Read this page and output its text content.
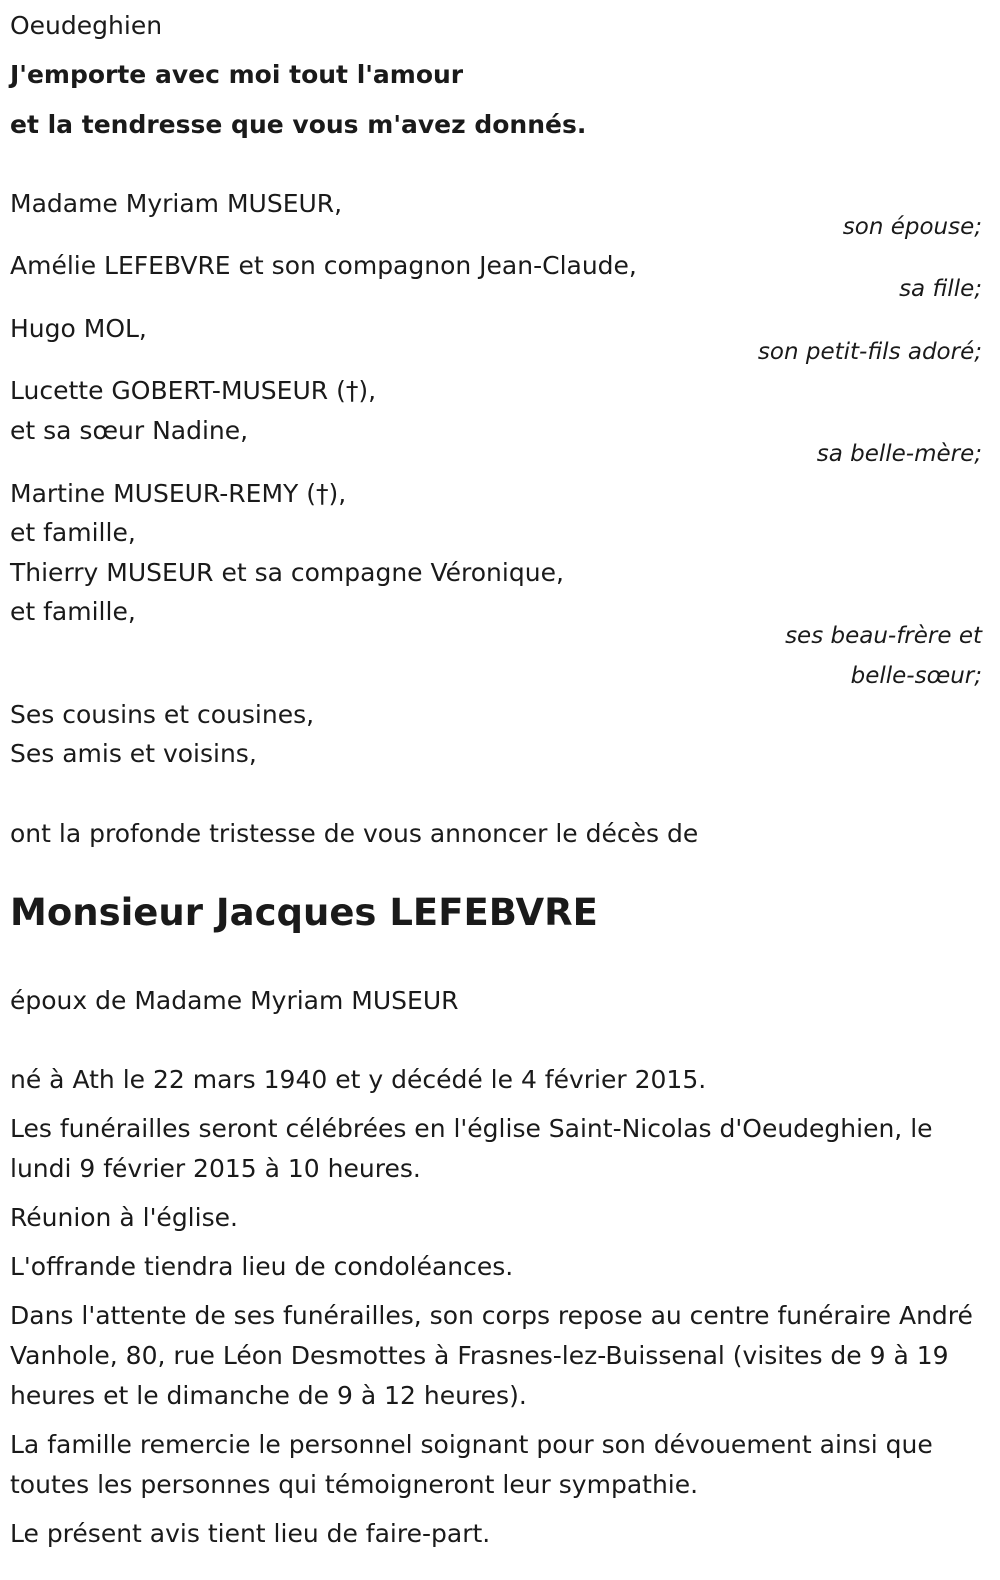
Oeudeghien

J'emporte avec moi tout l'amour

et la tendresse que vous m'avez donnés.

Madame Myriam MUSEUR,

son épouse;

Amélie LEFEBVRE et son compagnon Jean-Claude,

sa fille;

Hugo MOL,

son petit-fils adoré;

Lucette GOBERT-MUSEUR (†),

et sa sœur Nadine,

sa belle-mère;

Martine MUSEUR-REMY (†),

et famille,

Thierry MUSEUR et sa compagne Véronique,

et famille,

ses beau-frère et

belle-sœur;

Ses cousins et cousines,

Ses amis et voisins,

ont la profonde tristesse de vous annoncer le décès de

Monsieur Jacques LEFEBVRE

époux de Madame Myriam MUSEUR

né à Ath le 22 mars 1940 et y décédé le 4 février 2015.

Les funérailles seront célébrées en l'église Saint-Nicolas d'Oeudeghien, le lundi 9 février 2015 à 10 heures.

Réunion à l'église.

L'offrande tiendra lieu de condoléances.

Dans l'attente de ses funérailles, son corps repose au centre funéraire André Vanhole, 80, rue Léon Desmottes à Frasnes-lez-Buissenal (visites de 9 à 19 heures et le dimanche de 9 à 12 heures).

La famille remercie le personnel soignant pour son dévouement ainsi que toutes les personnes qui témoigneront leur sympathie.

Le présent avis tient lieu de faire-part.
